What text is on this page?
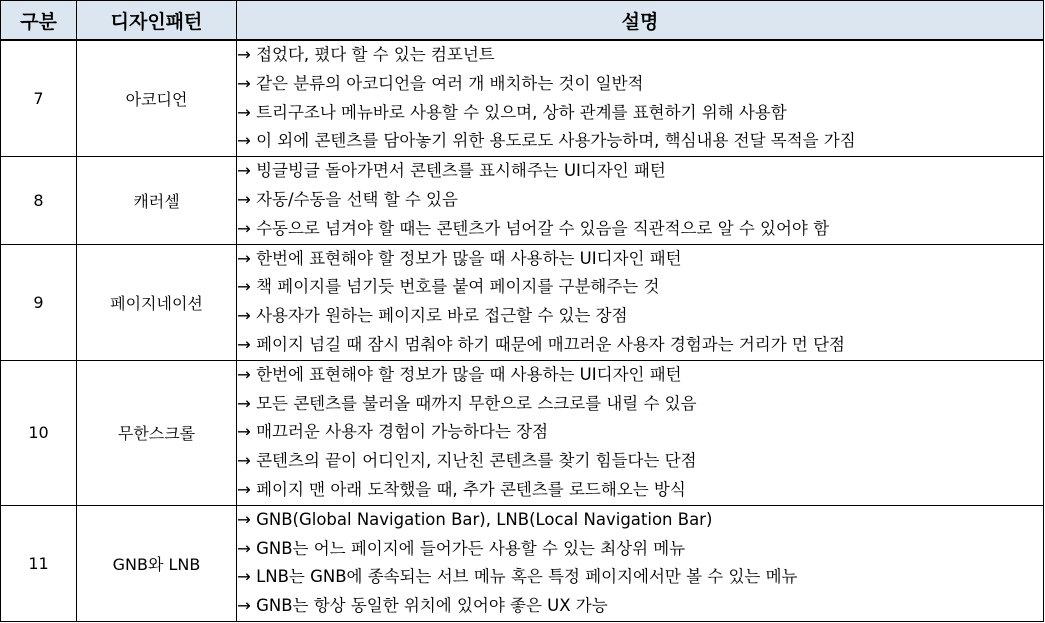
구분	디자인패턴	설명
7	아코디언	→ 접었다, 폈다 할 수 있는 컴포넌트
→ 같은 분류의 아코디언을 여러 개 배치하는 것이 일반적
→ 트리구조나 메뉴바로 사용할 수 있으며, 상하 관계를 표현하기 위해 사용함
→ 이 외에 콘텐츠를 담아놓기 위한 용도로도 사용가능하며, 핵심내용 전달 목적을 가짐

8	캐러셀	→ 빙글빙글 돌아가면서 콘텐츠를 표시해주는 UI디자인 패턴
→ 자동/수동을 선택 할 수 있음
→ 수동으로 넘겨야 할 때는 콘텐츠가 넘어갈 수 있음을 직관적으로 알 수 있어야 함

9	페이지네이션	→ 한번에 표현해야 할 정보가 많을 때 사용하는 UI디자인 패턴
→ 책 페이지를 넘기듯 번호를 붙여 페이지를 구분해주는 것
→ 사용자가 원하는 페이지로 바로 접근할 수 있는 장점
→ 페이지 넘길 때 잠시 멈춰야 하기 때문에 매끄러운 사용자 경험과는 거리가 먼 단점

10	무한스크롤	→ 한번에 표현해야 할 정보가 많을 때 사용하는 UI디자인 패턴
→ 모든 콘텐츠를 불러올 때까지 무한으로 스크로를 내릴 수 있음
→ 매끄러운 사용자 경험이 가능하다는 장점
→ 콘텐츠의 끝이 어디인지, 지난친 콘텐츠를 찾기 힘들다는 단점
→ 페이지 맨 아래 도착했을 때, 추가 콘텐츠를 로드해오는 방식

11	GNB와 LNB	→ GNB(Global Navigation Bar), LNB(Local Navigation Bar)
→ GNB는 어느 페이지에 들어가든 사용할 수 있는 최상위 메뉴
→ LNB는 GNB에 종속되는 서브 메뉴 혹은 특정 페이지에서만 볼 수 있는 메뉴
→ GNB는 항상 동일한 위치에 있어야 좋은 UX 가능
